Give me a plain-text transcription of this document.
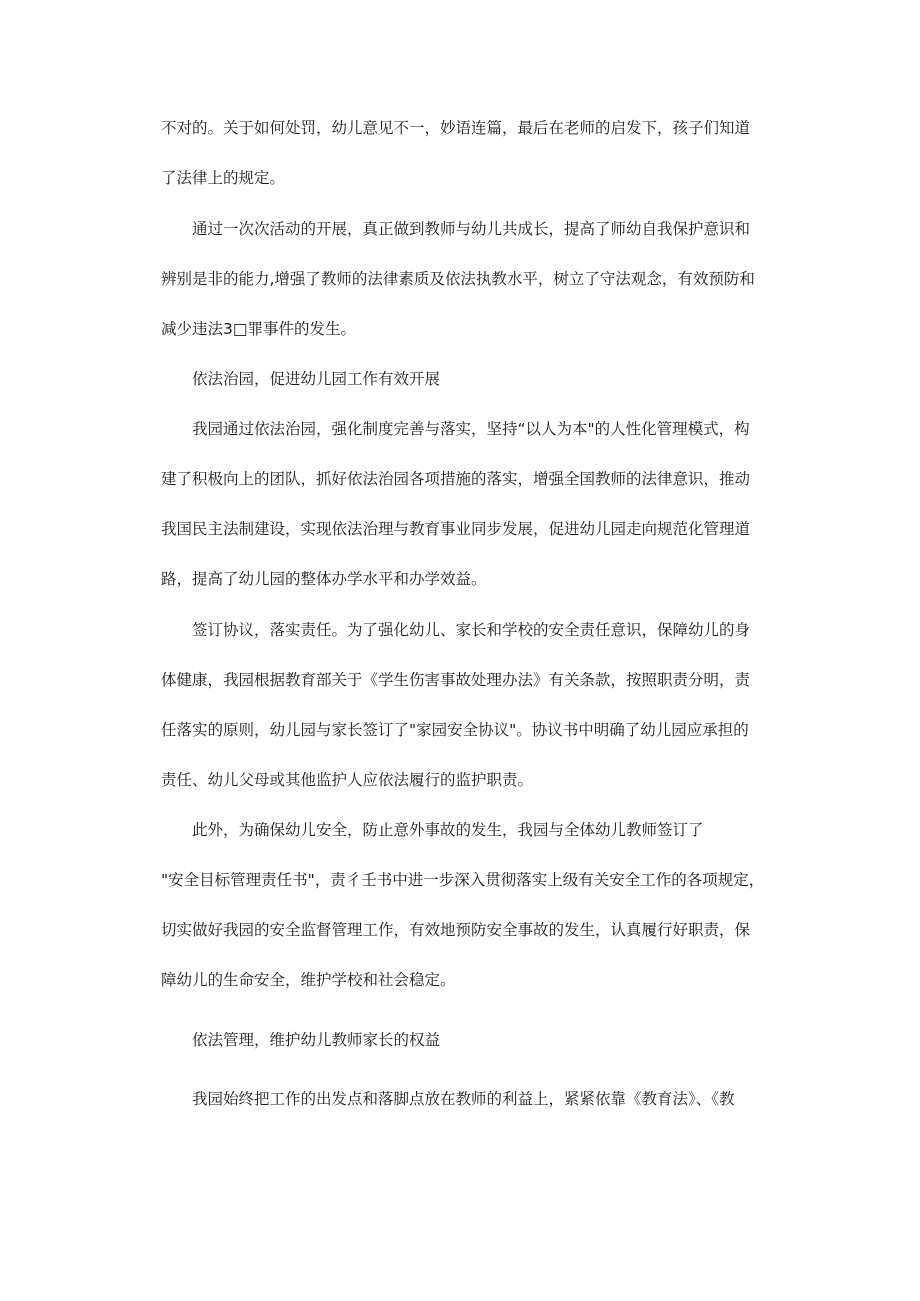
不对的。关于如何处罚，幼儿意见不一，妙语连篇，最后在老师的启发下，孩子们知道

了法律上的规定。

通过一次次活动的开展，真正做到教师与幼儿共成长，提高了师幼自我保护意识和

辨别是非的能力,增强了教师的法律素质及依法执教水平，树立了守法观念，有效预防和

减少违法3□罪事件的发生。

依法治园，促进幼儿园工作有效开展

我园通过依法治园，强化制度完善与落实，坚持“以人为本"的人性化管理模式，构

建了积极向上的团队，抓好依法治园各项措施的落实，增强全国教师的法律意识，推动

我国民主法制建设，实现依法治理与教育事业同步发展，促进幼儿园走向规范化管理道

路，提高了幼儿园的整体办学水平和办学效益。

签订协议，落实责任。为了强化幼儿、家长和学校的安全责任意识，保障幼儿的身

体健康，我园根据教育部关于《学生伤害事故处理办法》有关条款，按照职责分明，责

任落实的原则，幼儿园与家长签订了"家园安全协议"。协议书中明确了幼儿园应承担的

责任、幼儿父母或其他监护人应依法履行的监护职责。

此外，为确保幼儿安全，防止意外事故的发生，我园与全体幼儿教师签订了

"安全目标管理责任书"，责彳壬书中进一步深入贯彻落实上级有关安全工作的各项规定，

切实做好我园的安全监督管理工作，有效地预防安全事故的发生，认真履行好职责，保

障幼儿的生命安全，维护学校和社会稳定。

依法管理，维护幼儿教师家长的权益

我园始终把工作的出发点和落脚点放在教师的利益上，紧紧依靠《教育法》、《教
